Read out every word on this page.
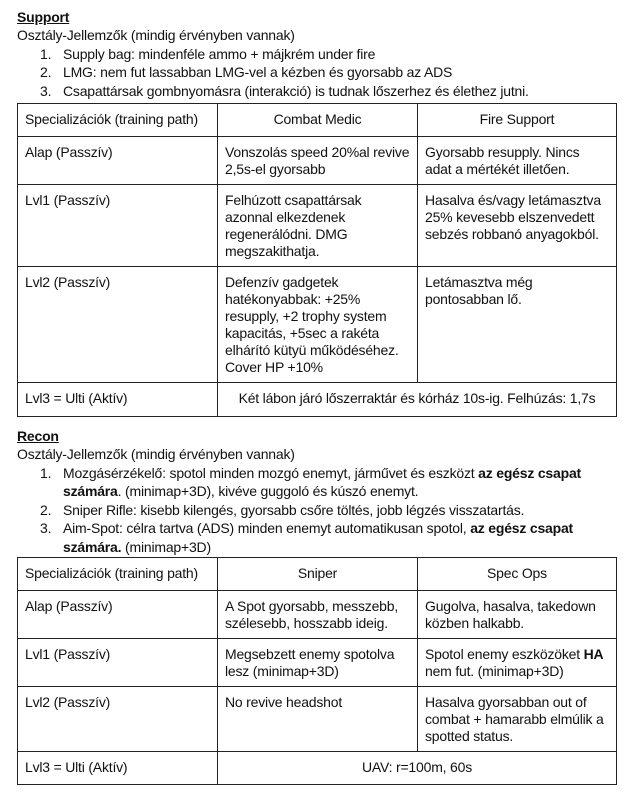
Support
Osztály-Jellemzők (mindig érvényben vannak)
1. Supply bag: mindenféle ammo + májkrém under fire
2. LMG: nem fut lassabban LMG-vel a kézben és gyorsabb az ADS
3. Csapattársak gombnyomásra (interakció) is tudnak lőszerhez és élethez jutni.
Specializációk (training path)	Combat Medic	Fire Support
Alap (Passzív)	Vonszolás speed 20%al revive 2,5s-el gyorsabb	Gyorsabb resupply. Nincs adat a mértékét illetően.
Lvl1 (Passzív)	Felhúzott csapattársak azonnal elkezdenek regenerálódni. DMG megszakithatja.	Hasalva és/vagy letámasztva 25% kevesebb elszenvedett sebzés robbanó anyagokból.
Lvl2 (Passzív)	Defenzív gadgetek hatékonyabbak: +25% resupply, +2 trophy system kapacitás, +5sec a rakéta elhárító kütyü működéséhez. Cover HP +10%	Letámasztva még pontosabban lő.
Lvl3 = Ulti (Aktív)	Két lábon járó lőszerraktár és kórház 10s-ig. Felhúzás: 1,7s	
Recon
Osztály-Jellemzők (mindig érvényben vannak)
1. Mozgásérzékelő: spotol minden mozgó enemyt, járművet és eszközt az egész csapat számára. (minimap+3D), kivéve guggoló és kúszó enemyt.
2. Sniper Rifle: kisebb kilengés, gyorsabb csőre töltés, jobb légzés visszatartás.
3. Aim-Spot: célra tartva (ADS) minden enemyt automatikusan spotol, az egész csapat számára. (minimap+3D)
Specializációk (training path)	Sniper	Spec Ops
Alap (Passzív)	A Spot gyorsabb, messzebb, szélesebb, hosszabb ideig.	Gugolva, hasalva, takedown közben halkabb.
Lvl1 (Passzív)	Megsebzett enemy spotolva lesz (minimap+3D)	Spotol enemy eszközöket HA nem fut. (minimap+3D)
Lvl2 (Passzív)	No revive headshot	Hasalva gyorsabban out of combat + hamarabb elmúlik a spotted status.
Lvl3 = Ulti (Aktív)	UAV: r=100m, 60s	
